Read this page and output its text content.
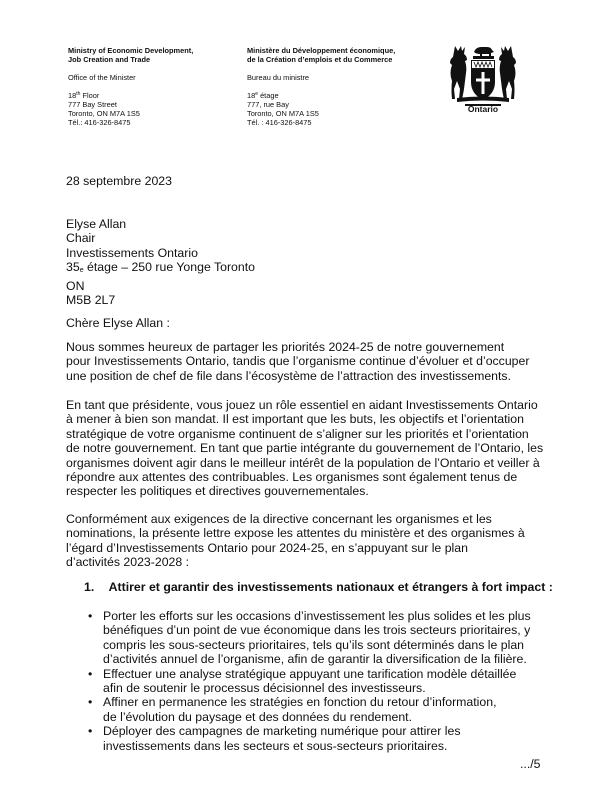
Ministry of Economic Development,
Job Creation and Trade
Office of the Minister
18th Floor
777 Bay Street
Toronto, ON M7A 1S5
Tél.: 416-326-8475
Ministère du Développement économique,
de la Création d’emplois et du Commerce
Bureau du ministre
18e étage
777, rue Bay
Toronto, ON M7A 1S5
Tél. : 416-326-8475
Ontario
28 septembre 2023
Elyse Allan
Chair
Investissements Ontario
$35_e$ étage – 250 rue Yonge Toronto
ON
M5B 2L7
Chère Elyse Allan :
Nous sommes heureux de partager les priorités 2024-25 de notre gouvernement
pour Investissements Ontario, tandis que l’organisme continue d’évoluer et d’occuper
une position de chef de file dans l’écosystème de l’attraction des investissements.
En tant que présidente, vous jouez un rôle essentiel en aidant Investissements Ontario
à mener à bien son mandat. Il est important que les buts, les objectifs et l’orientation
stratégique de votre organisme continuent de s’aligner sur les priorités et l’orientation
de notre gouvernement. En tant que partie intégrante du gouvernement de l’Ontario, les
organismes doivent agir dans le meilleur intérêt de la population de l’Ontario et veiller à
répondre aux attentes des contribuables. Les organismes sont également tenus de
respecter les politiques et directives gouvernementales.
Conformément aux exigences de la directive concernant les organismes et les
nominations, la présente lettre expose les attentes du ministère et des organismes à
l’égard d’Investissements Ontario pour 2024-25, en s’appuyant sur le plan
d’activités 2023-2028 :
1. Attirer et garantir des investissements nationaux et étrangers à fort impact :
• Porter les efforts sur les occasions d’investissement les plus solides et les plus
bénéfiques d’un point de vue économique dans les trois secteurs prioritaires, y
compris les sous-secteurs prioritaires, tels qu’ils sont déterminés dans le plan
d’activités annuel de l’organisme, afin de garantir la diversification de la filière.
• Effectuer une analyse stratégique appuyant une tarification modèle détaillée
afin de soutenir le processus décisionnel des investisseurs.
• Affiner en permanence les stratégies en fonction du retour d’information,
de l’évolution du paysage et des données du rendement.
• Déployer des campagnes de marketing numérique pour attirer les
investissements dans les secteurs et sous-secteurs prioritaires.
.../5
